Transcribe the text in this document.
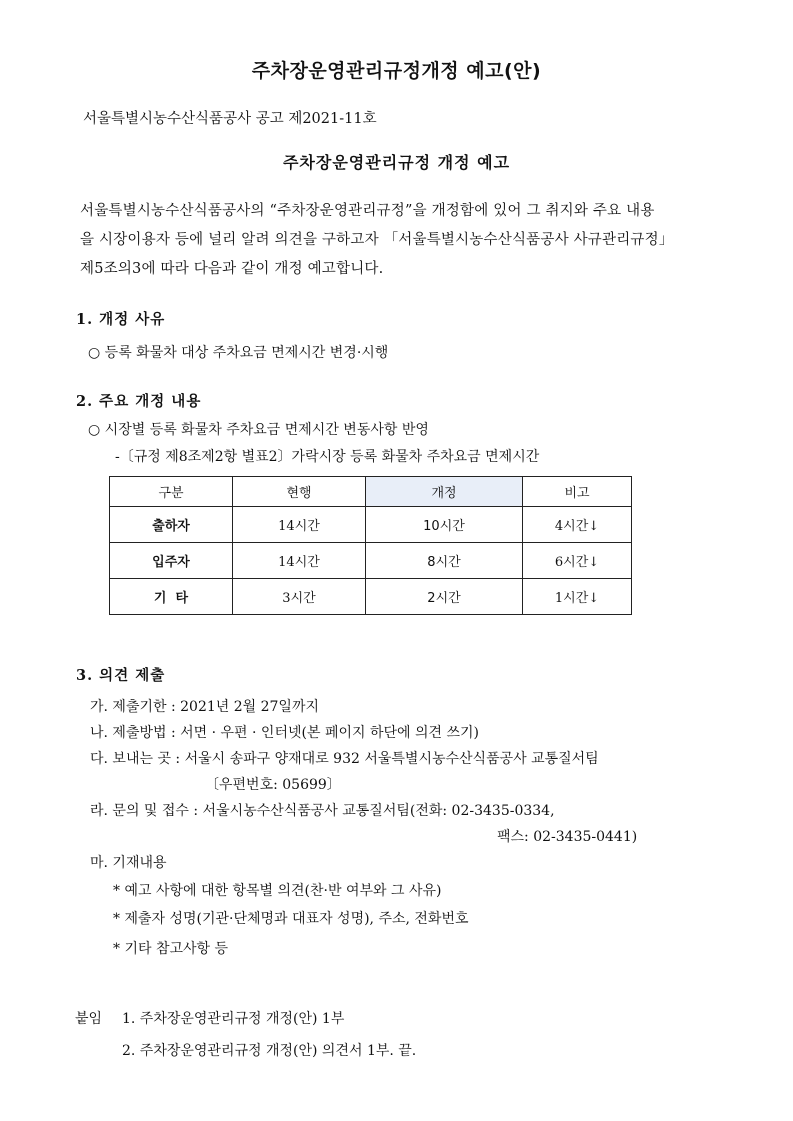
주차장운영관리규정개정 예고(안)
서울특별시농수산식품공사 공고 제2021-11호
주차장운영관리규정 개정 예고
서울특별시농수산식품공사의 “주차장운영관리규정”을 개정함에 있어 그 취지와 주요 내용
을 시장이용자 등에 널리 알려 의견을 구하고자 「서울특별시농수산식품공사 사규관리규정」
제5조의3에 따라 다음과 같이 개정 예고합니다.
1. 개정 사유
○ 등록 화물차 대상 주차요금 면제시간 변경·시행
2. 주요 개정 내용
○ 시장별 등록 화물차 주차요금 면제시간 변동사항 반영
-〔규정 제8조제2항 별표2〕가락시장 등록 화물차 주차요금 면제시간
구분	현행	개정	비고
출하자	14시간	10시간	4시간↓
입주자	14시간	8시간	6시간↓
기  타	3시간	2시간	1시간↓
3. 의견 제출
가. 제출기한 : 2021년 2월 27일까지
나. 제출방법 : 서면 · 우편 · 인터넷(본 페이지 하단에 의견 쓰기)
다. 보내는 곳 : 서울시 송파구 양재대로 932 서울특별시농수산식품공사 교통질서팀
〔우편번호: 05699〕
라. 문의 및 접수 : 서울시농수산식품공사 교통질서팀(전화: 02-3435-0334,
팩스: 02-3435-0441)
마. 기재내용
* 예고 사항에 대한 항목별 의견(찬·반 여부와 그 사유)
* 제출자 성명(기관·단체명과 대표자 성명), 주소, 전화번호
* 기타 참고사항 등
붙임 1. 주차장운영관리규정 개정(안) 1부
2. 주차장운영관리규정 개정(안) 의견서 1부. 끝.
